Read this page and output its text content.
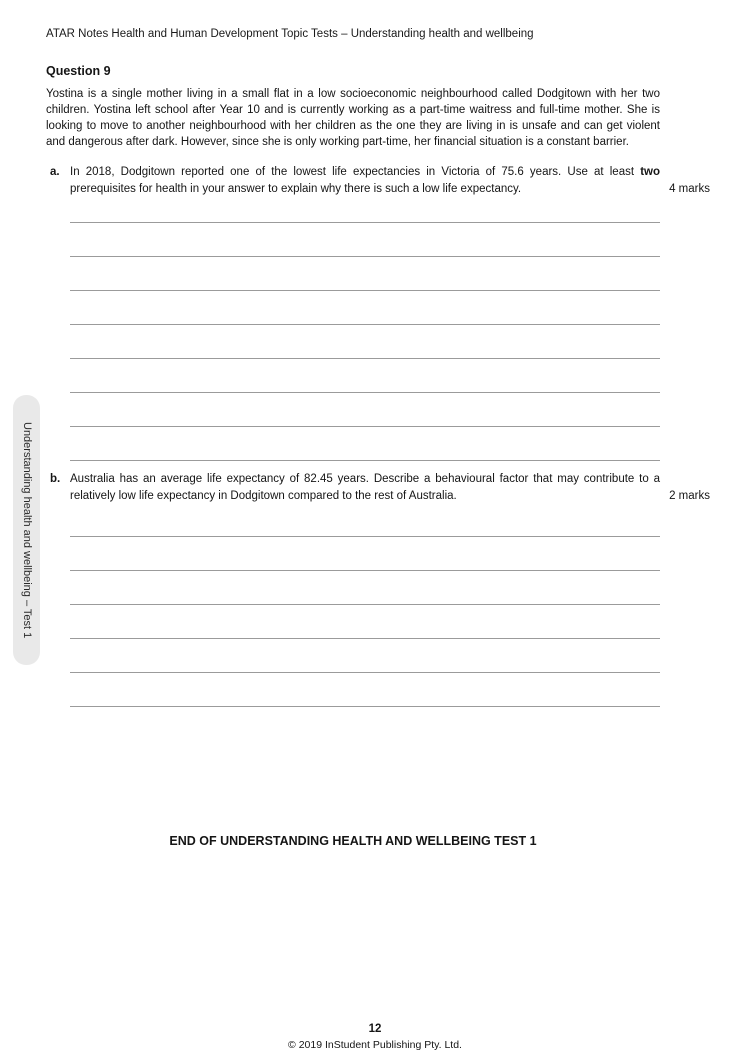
ATAR Notes Health and Human Development Topic Tests – Understanding health and wellbeing
Question 9

Yostina is a single mother living in a small flat in a low socioeconomic neighbourhood called Dodgitown with her two children. Yostina left school after Year 10 and is currently working as a part-time waitress and full-time mother. She is looking to move to another neighbourhood with her children as the one they are living in is unsafe and can get violent and dangerous after dark. However, since she is only working part-time, her financial situation is a constant barrier.

a. In 2018, Dodgitown reported one of the lowest life expectancies in Victoria of 75.6 years. Use at least two prerequisites for health in your answer to explain why there is such a low life expectancy.	4 marks
b. Australia has an average life expectancy of 82.45 years. Describe a behavioural factor that may contribute to a relatively low life expectancy in Dodgitown compared to the rest of Australia.	2 marks
END OF UNDERSTANDING HEALTH AND WELLBEING TEST 1
Understanding health and wellbeing – Test 1
12
© 2019 InStudent Publishing Pty. Ltd.
